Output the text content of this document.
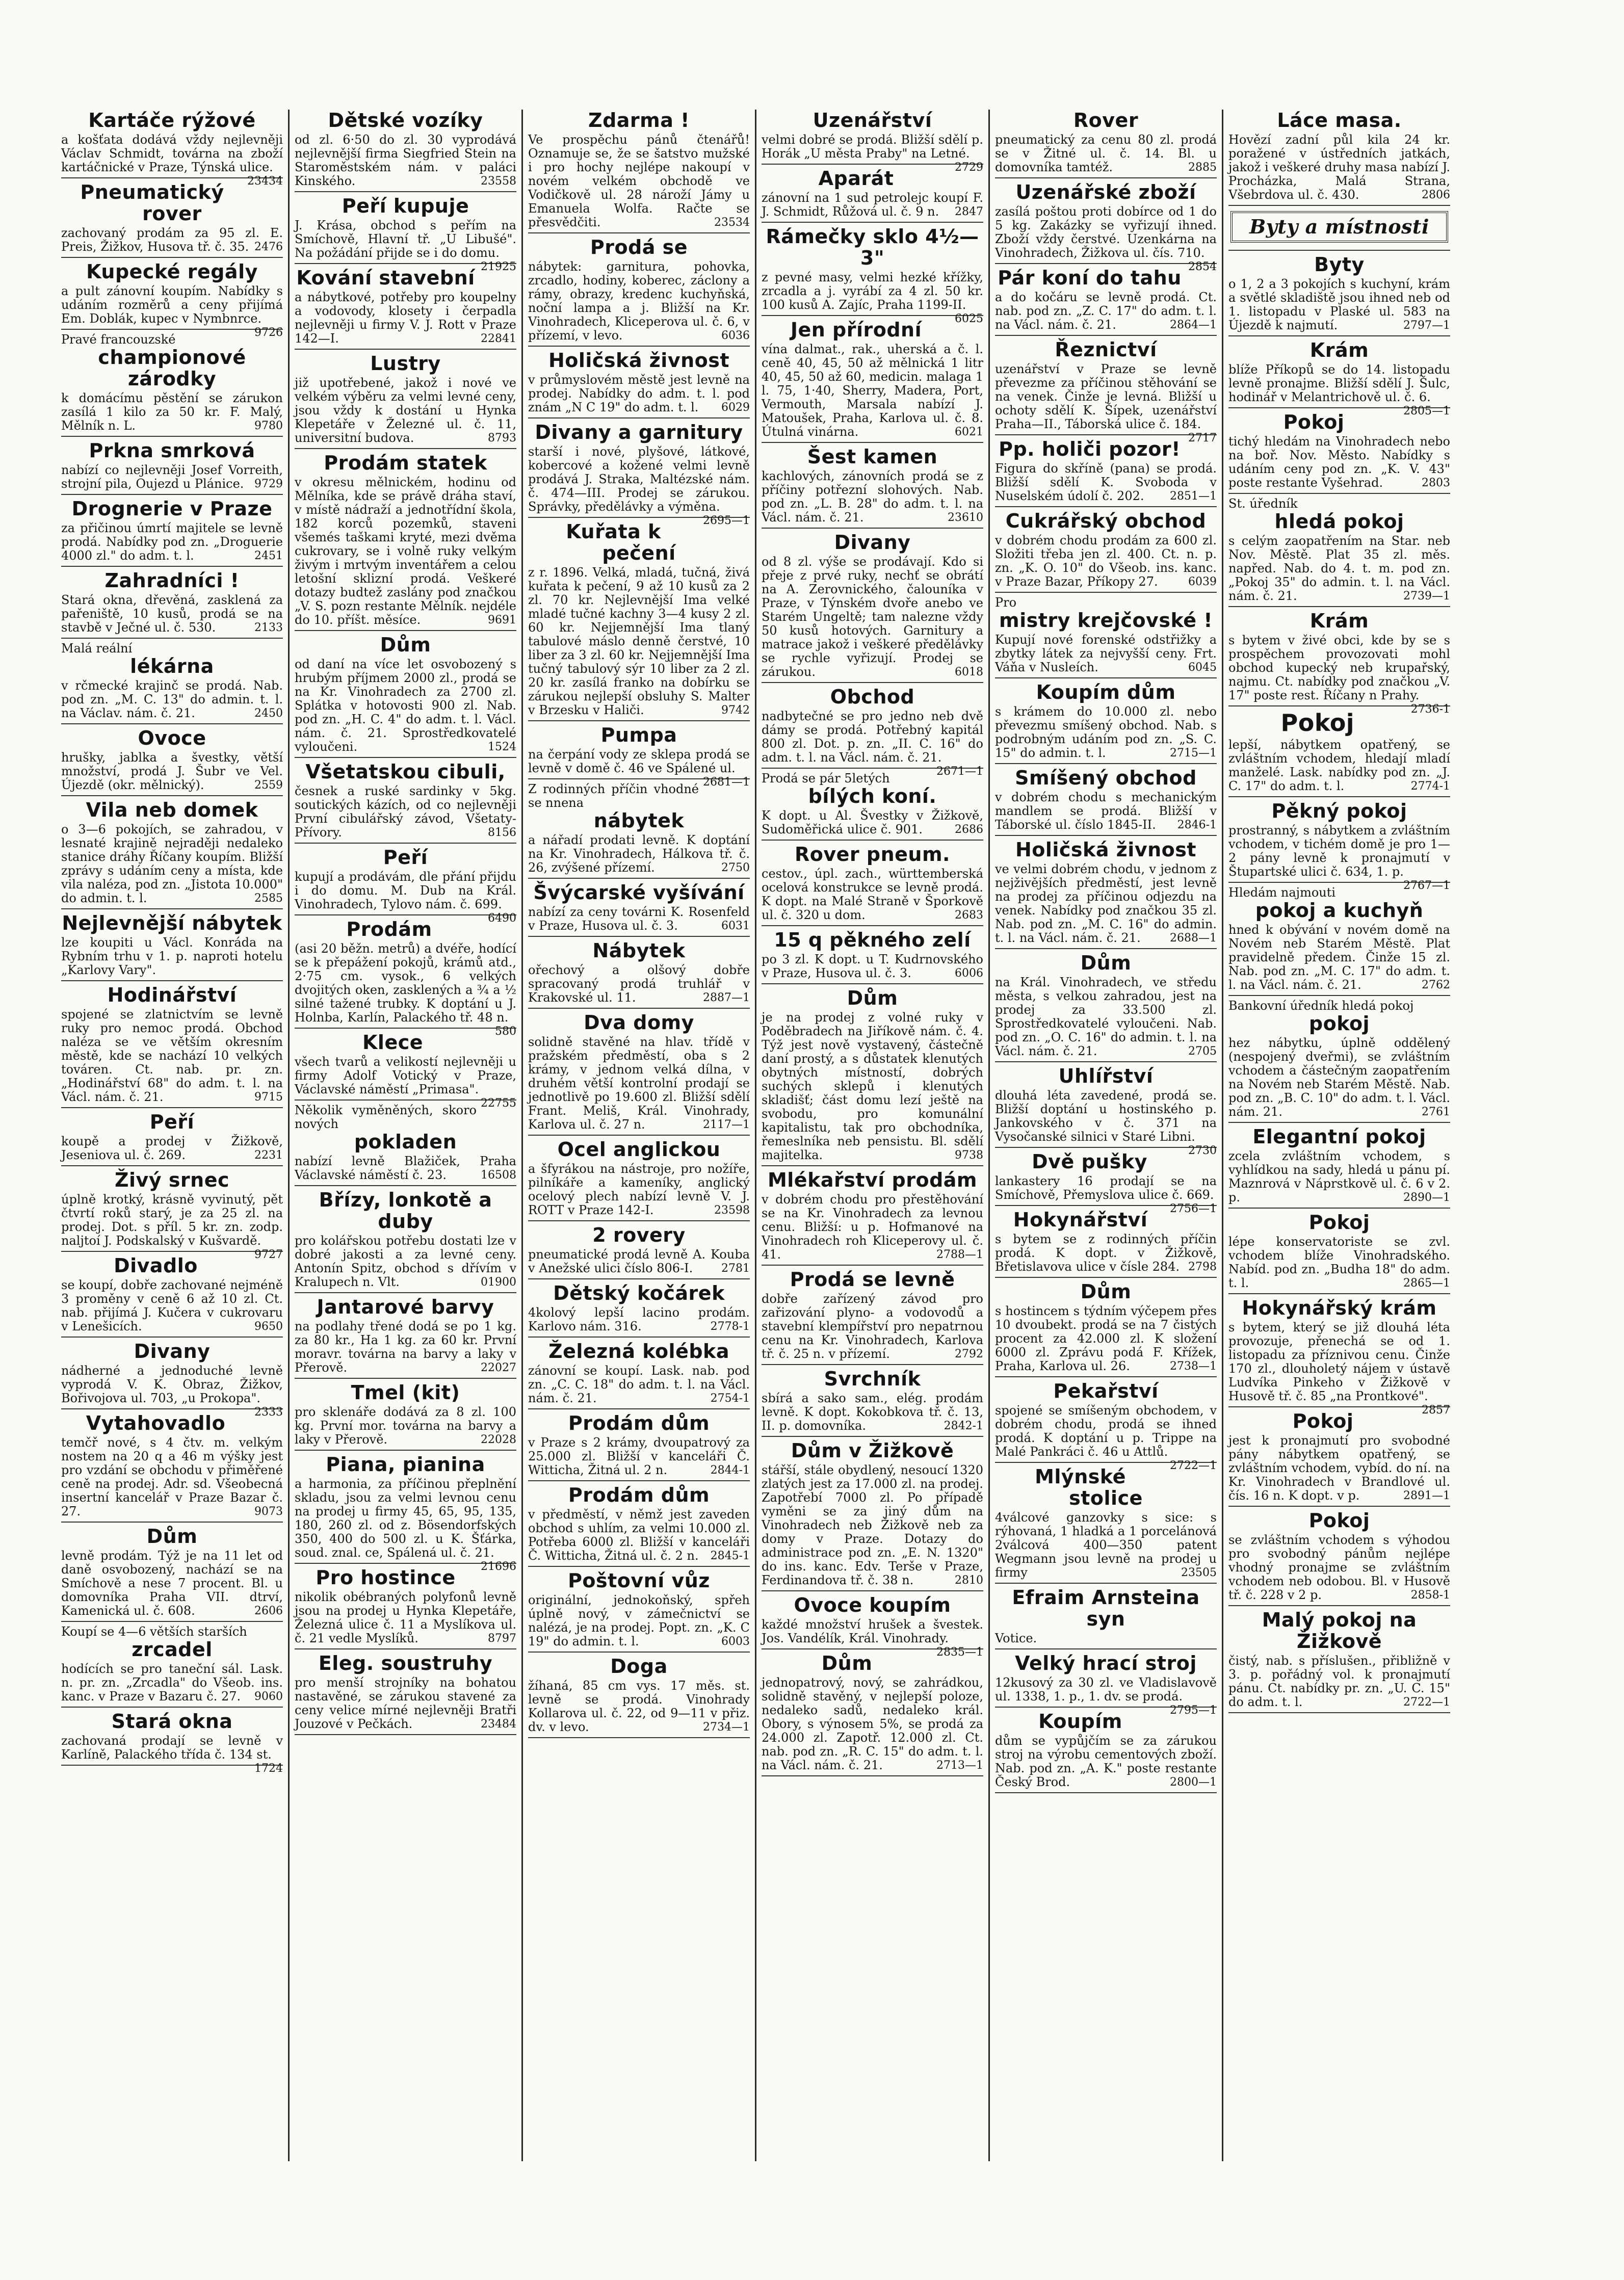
Kartáče rýžové

a košťata dodává vždy nejlevněji Václav Schmidt, továrna na zboží kartáčnické v Praze, Týnská ulice.
23434

Pneumatický rover

zachovaný prodám za 95 zl. E. Preis, Žižkov, Husova tř. č. 35. 2476

Kupecké regály

a pult zánovní koupím. Nabídky s udáním rozměrů a ceny přijímá Em. Doblák, kupec v Nymbnrce.
9726

Pravé francouzské
championové zárodky

k domácímu pěstění se zárukon zasílá 1 kilo za 50 kr. F. Malý, Mělník n. L.	9780

Prkna smrková

nabízí co nejlevněji Josef Vorreith, strojní pila, Oujezd u Plánice. 9729

Drognerie v Praze

za přičinou úmrtí majitele se levně prodá. Nabídky pod zn. „Droguerie 4000 zl." do adm. t. l.	2451

Zahradníci !

Stará okna, dřevěná, zasklená za pařeniště, 10 kusů, prodá se na stavbě v Ječné ul. č. 530.	2133

Malá reální
lékárna

v rčmecké krajinč se prodá. Nab. pod zn. „M. C. 13" do admin. t. l. na Václav. nám. č. 21.	2450

Ovoce

hrušky, jablka a švestky, větší množství, prodá J. Šubr ve Vel. Újezdě (okr. mělnický).	2559

Vila neb domek

o 3—6 pokojích, se zahradou, v lesnaté krajině nejraději nedaleko stanice dráhy Říčany koupím. Bližší zprávy s udáním ceny a místa, kde vila naléza, pod zn. „Jistota 10.000" do admin. t. l.	2585

Nejlevnější nábytek

lze koupiti u Václ. Konráda na Rybním trhu v 1. p. naproti hotelu „Karlovy Vary".

Hodinářství

spojené se zlatnictvím se levně ruky pro nemoc prodá. Obchod naléza se ve větším okresním městě, kde se nachází 10 velkých továren. Ct. nab. pr. zn. „Hodinářství 68" do adm. t. l. na Václ. nám. č. 21.	9715

Peří

koupě a prodej v Žižkově, Jeseniova ul. č. 269.	2231

Živý srnec

úplně krotký, krásně vyvinutý, pět čtvrtí roků starý, je za 25 zl. na prodej. Dot. s příl. 5 kr. zn. zodp. naljtoí J. Podskalský v Kušvardě.
9727

Divadlo

se koupí, dobře zachované nejméně 3 proměny v ceně 6 až 10 zl. Ct. nab. přijímá J. Kučera v cukrovaru v Lenešicích.	9650

Divany

nádherné a jednoduché levně vyprodá V. K. Obraz, Žižkov, Bořivojova ul. 703, „u Prokopa".
2333

Vytahovadlo

temčř nové, s 4 čtv. m. velkým nostem na 20 q a 46 m výšky jest pro vzdání se obchodu v přiměřené ceně na prodej. Adr. sd. Všeobecná insertní kancelář v Praze Bazar č. 27.	9073

Dům

levně prodám. Týž je na 11 let od daně osvobozený, nachází se na Smíchově a nese 7 procent. Bl. u domovníka Praha VII. dtrví, Kamenická ul. č. 608.	2606

Koupí se 4—6 větších starších
zrcadel

hodících se pro taneční sál. Lask. n. pr. zn. „Zrcadla" do Všeob. ins. kanc. v Praze v Bazaru č. 27. 9060

Stará okna

zachovaná prodají se levně v Karlíně, Palackého třída č. 134 st.
1724

Dětské vozíky

od zl. 6·50 do zl. 30 vyprodává nejlevnější firma Siegfried Stein na Staroměstském nám. v paláci Kinského.	23558

Peří kupuje

J. Krása, obchod s peřím na Smíchově, Hlavní tř. „U Libušé". Na požádání přijde se i do domu.
21925

Kování stavební

a nábytkové, potřeby pro koupelny a vodovody, klosety i čerpadla nejlevněji u firmy V. J. Rott v Praze 142—I.	22841

Lustry

již upotřebené, jakož i nové ve velkém výběru za velmi levné ceny, jsou vždy k dostání u Hynka Klepetáře v Železné ul. č. 11, universitní budova.	8793

Prodám statek

v okresu mělnickém, hodinu od Mělníka, kde se právě dráha staví, v místě nádraží a jednotřídní škola, 182 korců pozemků, staveni všemés taškami kryté, mezi dvěma cukrovary, se i volně ruky velkým živým i mrtvým inventářem a celou letošní sklizní prodá. Veškeré dotazy budtež zaslány pod značkou „V. S. pozn restante Mělník. nejdéle do 10. příšt. měsíce.	9691

Dům

od daní na více let osvobozený s hrubým příjmem 2000 zl., prodá se na Kr. Vinohradech za 2700 zl. Splátka v hotovosti 900 zl. Nab. pod zn. „H. C. 4" do adm. t. l. Václ. nám. č. 21. Sprostředkovatelé vyloučeni.	1524

Všetatskou cibuli,

česnek a ruské sardinky v 5kg. soutických kázích, od co nejlevněji První cibulářský závod, Všetaty-Přívory.	8156

Peří

kupují a prodávám, dle přání přijdu i do domu. M. Dub na Král. Vinohradech, Tylovo nám. č. 699.
6490

Prodám

(asi 20 běžn. metrů) a dvéře, hodící se k přepážení pokojů, krámů atd., 2·75 cm. vysok., 6 velkých dvojitých oken, zasklených a ¾ a ½ silné tažené trubky. K doptání u J. Holnba, Karlín, Palackého tř. 48 n.
580

Klece

všech tvarů a velikostí nejlevněji u firmy Adolf Votický v Praze, Václavské náměstí „Primasa".
22755

Několik vyměněných, skoro nových
pokladen

nabízí levně Blažiček, Praha Václavské náměstí č. 23.	16508

Břízy, lonkotě a duby

pro kolářskou potřebu dostati lze v dobré jakosti a za levné ceny. Antonín Spitz, obchod s dřívím v Kralupech n. Vlt.	01900

Jantarové barvy

na podlahy třené dodá se po 1 kg. za 80 kr., Ha 1 kg. za 60 kr. První moravr. továrna na barvy a laky v Přerově.	22027

Tmel (kit)

pro sklenáře dodává za 8 zl. 100 kg. První mor. továrna na barvy a laky v Přerově.	22028

Piana, pianina

a harmonia, za příčinou přeplnění skladu, jsou za velmi levnou cenu na prodej u firmy 45, 65, 95, 135, 180, 260 zl. od z. Bösendorfských 350, 400 do 500 zl. u K. Šťárka, soud. znal. ce, Spálená ul. č. 21.
21696

Pro hostince

nikolik obébraných polyfonů levně jsou na prodej u Hynka Klepetáře, Železná ulice č. 11 a Myslíkova ul. č. 21 vedle Myslíků.	8797

Eleg. soustruhy

pro menší strojníky na bohatou nastavěné, se zárukou stavené za ceny velice mírné nejlevněji Bratři Jouzové v Pečkách.	23484

Zdarma !

Ve prospěchu pánů čtenářů! Oznamuje se, že se šatstvo mužské i pro hochy nejlépe nakoupí v novém velkém obchodě ve Vodičkově ul. 28 nároží Jámy u Emanuela Wolfa. Račte se přesvědčiti.	23534

Prodá se

nábytek: garnitura, pohovka, zrcadlo, hodiny, koberec, záclony a rámy, obrazy, kredenc kuchyňská, noční lampa a j. Bližší na Kr. Vinohradech, Kliceperova ul. č. 6, v přízemí, v levo.	6036

Holičská živnost

v průmyslovém městě jest levně na prodej. Nabídky do adm. t. l. pod znám „N C 19" do adm. t. l. 6029

Divany a garnitury

starší i nové, plyšové, látkové, kobercové a kožené velmi levně prodává J. Straka, Maltézské nám. č. 474—III. Prodej se zárukou. Správky, předělávky a výměna.
2695—1

Kuřata k pečení

z r. 1896. Velká, mladá, tučná, živá kuřata k pečení, 9 až 10 kusů za 2 zl. 70 kr. Nejlevnější Ima velké mladé tučné kachny 3—4 kusy 2 zl. 60 kr. Nejjemnější Ima tlaný tabulové máslo denně čerstvé, 10 liber za 3 zl. 60 kr. Nejjemnější Ima tučný tabulový sýr 10 liber za 2 zl. 20 kr. zasílá franko na dobírku se zárukou nejlepší obsluhy S. Malter v Brzesku v Haliči.	9742

Pumpa

na čerpání vody ze sklepa prodá se levně v domě č. 46 ve Spálené ul.
2681—1

Z rodinných příčin vhodné se nnena
nábytek

a nářadí prodati levně. K doptání na Kr. Vinohradech, Hálkova tř. č. 26, zvýšené přízemí.	2750

Švýcarské vyšívání

nabízí za ceny továrni K. Rosenfeld v Praze, Husova ul. č. 3.	6031

Nábytek

ořechový a olšový dobře spracovaný prodá truhlář v Krakovské ul. 11.	2887—1

Dva domy

solidně stavěné na hlav. třídě v pražském předměstí, oba s 2 krámy, v jednom velká dílna, v druhém větší kontrolní prodají se jednotlivě po 19.600 zl. Bližší sdělí Frant. Meliš, Král. Vinohrady, Karlova ul. č. 27 n.	2117—1

Ocel anglickou

a šfyrákou na nástroje, pro nožíře, pilníkáře a kameníky, anglický ocelový plech nabízí levně V. J. ROTT v Praze 142-I.	23598

2 rovery

pneumatické prodá levně A. Kouba v Anežské ulici číslo 806-I.	2781

Dětský kočárek

4kolový lepší lacino prodám. Karlovo nám. 316.	2778-1

Železná kolébka

zánovní se koupí. Lask. nab. pod zn. „C. C. 18" do adm. t. l. na Václ. nám. č. 21.	2754-1

Prodám dům

v Praze s 2 krámy, dvoupatrový za 25.000 zl. Bližší v kanceláři Č. Wittichа, Žitná ul. 2 n.	2844-1

Prodám dům

v předměstí, v němž jest zaveden obchod s uhlím, za velmi 10.000 zl. Potřeba 6000 zl. Bližší v kanceláři Č. Wittichа, Žitná ul. č. 2 n. 2845-1

Poštovní vůz

originální, jednokoňský, spřeh úplně nový, v zámečnictví se nalézá, je na prodej. Popt. zn. „K. C 19" do admin. t. l.	6003

Doga

žíhaná, 85 cm vys. 17 měs. st. levně se prodá. Vinohrady Kollarova ul. č. 22, od 9—11 v přiz. dv. v levo.	2734—1

Uzenářství

velmi dobré se prodá. Bližší sdělí p. Horák „U města Praby" na Letné.
2729

Aparát

zánovní na 1 sud petrolejc koupí F. J. Schmidt, Růžová ul. č. 9 n. 2847

Rámečky sklo 4½—3"

z pevné masy, velmi hezké křížky, zrcadla a j. vyrábí za 4 zl. 50 kr. 100 kusů A. Zajíc, Praha 1199-II.
6025

Jen přírodní

vína dalmat., rak., uherská a č. l. ceně 40, 45, 50 až mělnická 1 litr 40, 45, 50 až 60, medicin. malaga 1 l. 75, 1·40, Sherry, Madera, Port, Vermouth, Marsala nabízí J. Matoušek, Praha, Karlova ul. č. 8. Útulná vinárna.	6021

Šest kamen

kachlových, zánovních prodá se z příčiny potřezní slohových. Nab. pod zn. „L. B. 28" do adm. t. l. na Václ. nám. č. 21.	23610

Divany

od 8 zl. výše se prodávají. Kdo si přeje z prvé ruky, nechť se obrátí na A. Zerovnického, čalouníka v Praze, v Týnském dvoře anebo ve Starém Ungeltě; tam nalezne vždy 50 kusů hotových. Garnitury a matrace jakož i veškeré předělávky se rychle vyřizují. Prodej se zárukou.	6018

Obchod

nadbytečné se pro jedno neb dvě dámy se prodá. Potřebný kapitál 800 zl. Dot. p. zn. „II. C. 16" do adm. t. l. na Václ. nám. č. 21.
2671—1

Prodá se pár 5letých
bílých koní.

K dopt. u Al. Švestky v Žižkově, Sudoměřická ulice č. 901.	2686

Rover pneum.

cestov., úpl. zach., württemberská ocelová konstrukce se levně prodá. K dopt. na Malé Straně v Šporkově ul. č. 320 u dom.	2683

15 q pěkného zelí

po 3 zl. K dopt. u T. Kudrnovského v Praze, Husova ul. č. 3.	6006

Dům

je na prodej z volné ruky v Poděbradech na Jiříkově nám. č. 4. Týž jest nově vystavený, částečně daní prostý, a s důstatek klenutých obytných místností, dobrých suchých sklepů i klenutých skladišť; část domu lezí ještě na svobodu, pro komunální kapitalistu, tak pro obchodníka, řemeslníka neb pensistu. Bl. sdělí majitelka.	9738

Mlékařství prodám

v dobrém chodu pro přestěhování se na Kr. Vinohradech za levnou cenu. Bližší: u p. Hofmanové na Vinohradech roh Kliceperovy ul. č. 41.	2788—1

Prodá se levně

dobře zařízený závod pro zařizování plyno- a vodovodů a stavební klempířství pro nepatrnou cenu na Kr. Vinohradech, Karlova tř. č. 25 n. v přízemí.	2792

Svrchník

sbírá a sako sam., elég. prodám levně. K dopt. Kokobkova tř. č. 13, II. p. domovníka.	2842-1

Dům v Žižkově

stářší, stále obydlený, nesoucí 1320 zlatých jest za 17.000 zl. na prodej. Zapotřebí 7000 zl. Po případě vyměni se za jiný dům na Vinohradech neb Žižkově neb za domy v Praze. Dotazy do administrace pod zn. „E. N. 1320" do ins. kanc. Edv. Terše v Praze, Ferdinandova tř. č. 38 n.	2810

Ovoce koupím

každé množství hrušek a švestek. Jos. Vandélík, Král. Vinohrady.
2835—1

Dům

jednopatrový, nový, se zahrádkou, solidně stavěný, v nejlepší poloze, nedaleko sadů, nedaleko král. Obory, s výnosem 5%, se prodá za 24.000 zl. Zapotř. 12.000 zl. Ct. nab. pod zn. „R. C. 15" do adm. t. l. na Václ. nám. č. 21.	2713—1

Rover

pneumatický za cenu 80 zl. prodá se v Žitné ul. č. 14. Bl. u domovníka tamtéž.	2885

Uzenářské zboží

zasílá poštou proti dobírce od 1 do 5 kg. Zakázky se vyřizují ihned. Zboží vždy čerstvé. Uzenkárna na Vinohradech, Žižkova ul. čís. 710.
2854

Pár koní do tahu

a do kočáru se levně prodá. Ct. nab. pod zn. „Z. C. 17" do adm. t. l. na Václ. nám. č. 21.	2864—1

Řeznictví

uzenářství v Praze se levně převezme za příčinou stěhování se na venek. Činže je levná. Bližší u ochoty sdělí K. Šípek, uzenářství Praha—II., Táborská ulice č. 184.
2717

Pp. holiči pozor!

Figura do skříně (pana) se prodá. Bližší sdělí K. Svoboda v Nuselském údolí č. 202. 2851—1

Cukrářský obchod

v dobrém chodu prodám za 600 zl. Složiti třeba jen zl. 400. Ct. n. p. zn. „K. O. 10" do Všeob. ins. kanc. v Praze Bazar, Příkopy 27.	6039

Pro
mistry krejčovské !

Kupují nové forenské odstřižky a zbytky látek za nejvyšší ceny. Frt. Váňa v Nusleích.	6045

Koupím dům

s krámem do 10.000 zl. nebo převezmu smíšený obchod. Nab. s podrobným udáním pod zn. „S. C. 15" do admin. t. l.	2715—1

Smíšený obchod

v dobrém chodu s mechanickým mandlem se prodá. Bližší v Táborské ul. číslo 1845-II. 2846-1

Holičská živnost

ve velmi dobrém chodu, v jednom z nejživějších předměstí, jest levně na prodej za příčinou odjezdu na venek. Nabídky pod značkou 35 zl. Nab. pod zn. „M. C. 16" do admin. t. l. na Václ. nám. č. 21.	2688—1

Dům

na Král. Vinohradech, ve středu města, s velkou zahradou, jest na prodej za 33.500 zl. Sprostředkovatelé vyloučeni. Nab. pod zn. „O. C. 16" do admin. t. l. na Václ. nám. č. 21.	2705

Uhlířství

dlouhá léta zavedené, prodá se. Bližší doptání u hostinského p. Jankovského v č. 371 na Vysočanské silnici v Staré Libni.
2730

Dvě pušky

lankastery 16 prodají se na Smíchově, Přemyslova ulice č. 669.
2756—1

Hokynářství

s bytem se z rodinných příčin prodá. K dopt. v Žižkově, Břetislavova ulice v čísle 284. 2798

Dům

s hostincem s týdním výčepem přes 10 dvoubekt. prodá se na 7 čistých procent za 42.000 zl. K složení 6000 zl. Zprávu podá F. Křížek, Praha, Karlova ul. 26.	2738—1

Pekařství

spojené se smíšeným obchodem, v dobrém chodu, prodá se ihned prodá. K doptání u p. Trippe na Malé Pankráci č. 46 u Attlů.
2722—1

Mlýnské stolice

4válcové ganzovky s sice: s rýhovaná, 1 hladká a 1 porcelánová 2válcová 400—350 patent Wegmann jsou levně na prodej u firmy	23505

Efraim Arnsteina syn

Votice.

Velký hrací stroj

12kusový za 30 zl. ve Vladislavově ul. 1338, 1. p., 1. dv. se prodá.
2795—1

Koupím

dům se vypůjčím se za zárukou stroj na výrobu cementových zboží. Nab. pod zn. „A. K." poste restante Český Brod.	2800—1

Láce masa.

Hovězí zadní půl kila 24 kr. poražené v ústředních jatkách, jakož i veškeré druhy masa nabízí J. Procházka, Malá Strana, Všebrdova ul. č. 430.	2806

Byty a místnosti
Byty

o 1, 2 a 3 pokojích s kuchyní, krám a světlé skladiště jsou ihned neb od 1. listopadu v Plaské ul. 583 na Újezdě k najmutí.	2797—1

Krám

blíže Příkopů se do 14. listopadu levně pronajme. Bližší sdělí J. Šulc, hodinář v Melantrichově ul. č. 6.
2805—1

Pokoj

tichý hledám na Vinohradech nebo na boř. Nov. Město. Nabídky s udáním ceny pod zn. „K. V. 43" poste restante Vyšehrad.	2803

St. úředník
hledá pokoj

s celým zaopatřením na Star. neb Nov. Městě. Plat 35 zl. měs. napřed. Nab. do 4. t. m. pod zn. „Pokoj 35" do admin. t. l. na Václ. nám. č. 21.	2739—1

Krám

s bytem v živé obci, kde by se s prospěchem provozovati mohl obchod kupecký neb krupařský, najmu. Ct. nabídky pod značkou „V. 17" poste rest. Říčany n Prahy.
2736-1

Pokoj

lepší, nábytkem opatřený, se zvláštním vchodem, hledají mladí manželé. Lask. nabídky pod zn. „J. C. 17" do adm. t. l.	2774-1

Pěkný pokoj

prostranný, s nábytkem a zvláštním vchodem, v tichém domě je pro 1—2 pány levně k pronajmutí v Štupartské ulici č. 634, 1. p.
2767—1

Hledám najmouti
pokoj a kuchyň

hned k obývání v novém domě na Novém neb Starém Městě. Plat pravidelně předem. Činže 15 zl. Nab. pod zn. „M. C. 17" do adm. t. l. na Václ. nám. č. 21.	2762

Bankovní úředník hledá pokoj
pokoj

hez nábytku, úplně oddělený (nespojený dveřmi), se zvláštním vchodem a částečným zaopatřením na Novém neb Starém Městě. Nab. pod zn. „B. C. 10" do adm. t. l. Václ. nám. 21.	2761

Elegantní pokoj

zcela zvláštním vchodem, s vyhlídkou na sady, hledá u pánu pí. Maznrová v Náprstkově ul. č. 6 v 2. p.	2890—1

Pokoj

lépe konservatoriste se zvl. vchodem blíže Vinohradského. Nabíd. pod zn. „Budha 18" do adm. t. l.	2865—1

Hokynářský krám

s bytem, který se již dlouhá léta provozuje, přenechá se od 1. listopadu za příznivou cenu. Činže 170 zl., dlouholetý nájem v ústavě Ludvíka Pinkeho v Žižkově v Husově tř. č. 85 „na Prontkové".
2857

Pokoj

jest k pronajmutí pro svobodné pány nábytkem opatřený, se zvláštním vchodem, vybíd. do ní. na Kr. Vinohradech v Brandlové ul. čís. 16 n. K dopt. v p.	2891—1

Pokoj

se zvláštním vchodem s výhodou pro svobodný pánům nejlépe vhodný pronajme se zvláštním vchodem neb odobou. Bl. v Husově tř. č. 228 v 2 p.	2858-1

Malý pokoj na Žižkově

čistý, nab. s příslušen., přibližně v 3. p. pořádný vol. k pronajmutí pánu. Ct. nabídky pr. zn. „U. C. 15" do adm. t. l.	2722—1
